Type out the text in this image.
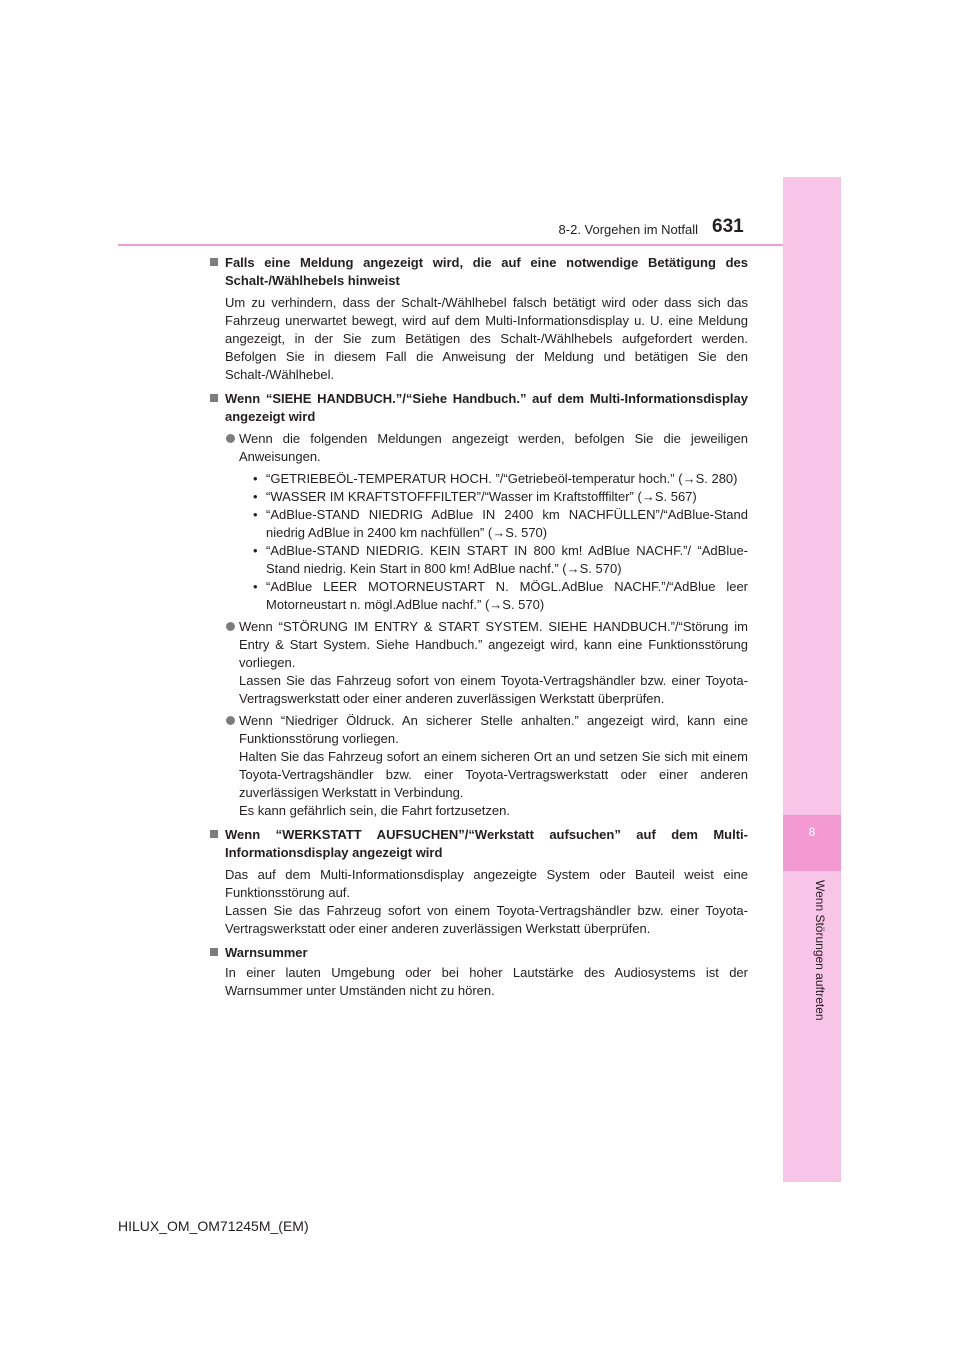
8
Wenn Störungen auftreten
8-2. Vorgehen im Notfall 631
Falls eine Meldung angezeigt wird, die auf eine notwendige Betätigung des Schalt-/Wählhebels hinweist
Um zu verhindern, dass der Schalt-/Wählhebel falsch betätigt wird oder dass sich das Fahrzeug unerwartet bewegt, wird auf dem Multi-Informationsdisplay u. U. eine Meldung angezeigt, in der Sie zum Betätigen des Schalt-/Wählhebels aufgefordert werden. Befolgen Sie in diesem Fall die Anweisung der Meldung und betätigen Sie den Schalt-/Wählhebel.
Wenn “SIEHE HANDBUCH.”/“Siehe Handbuch.” auf dem Multi-Informationsdisplay angezeigt wird
Wenn die folgenden Meldungen angezeigt werden, befolgen Sie die jeweiligen Anweisungen.
• “GETRIEBEÖL-TEMPERATUR HOCH. ”/“Getriebeöl-temperatur hoch.” (→S. 280)
• “WASSER IM KRAFTSTOFFFILTER”/“Wasser im Kraftstofffilter” (→S. 567)
• “AdBlue-STAND NIEDRIG AdBlue IN 2400 km NACHFÜLLEN”/“AdBlue-Stand niedrig AdBlue in 2400 km nachfüllen” (→S. 570)
• “AdBlue-STAND NIEDRIG. KEIN START IN 800 km! AdBlue NACHF.”/ “AdBlue-Stand niedrig. Kein Start in 800 km! AdBlue nachf.” (→S. 570)
• “AdBlue LEER MOTORNEUSTART N. MÖGL.AdBlue NACHF.”/“AdBlue leer Motorneustart n. mögl.AdBlue nachf.” (→S. 570)
Wenn “STÖRUNG IM ENTRY & START SYSTEM. SIEHE HANDBUCH.”/“Störung im Entry & Start System. Siehe Handbuch.” angezeigt wird, kann eine Funktionsstörung vorliegen.
Lassen Sie das Fahrzeug sofort von einem Toyota-Vertragshändler bzw. einer Toyota-Vertragswerkstatt oder einer anderen zuverlässigen Werkstatt überprüfen.
Wenn “Niedriger Öldruck. An sicherer Stelle anhalten.” angezeigt wird, kann eine Funktionsstörung vorliegen.
Halten Sie das Fahrzeug sofort an einem sicheren Ort an und setzen Sie sich mit einem Toyota-Vertragshändler bzw. einer Toyota-Vertragswerkstatt oder einer anderen zuverlässigen Werkstatt in Verbindung.
Es kann gefährlich sein, die Fahrt fortzusetzen.
Wenn “WERKSTATT AUFSUCHEN”/“Werkstatt aufsuchen” auf dem Multi-Informationsdisplay angezeigt wird
Das auf dem Multi-Informationsdisplay angezeigte System oder Bauteil weist eine Funktionsstörung auf.
Lassen Sie das Fahrzeug sofort von einem Toyota-Vertragshändler bzw. einer Toyota-Vertragswerkstatt oder einer anderen zuverlässigen Werkstatt überprüfen.
Warnsummer
In einer lauten Umgebung oder bei hoher Lautstärke des Audiosystems ist der Warnsummer unter Umständen nicht zu hören.
HILUX_OM_OM71245M_(EM)
